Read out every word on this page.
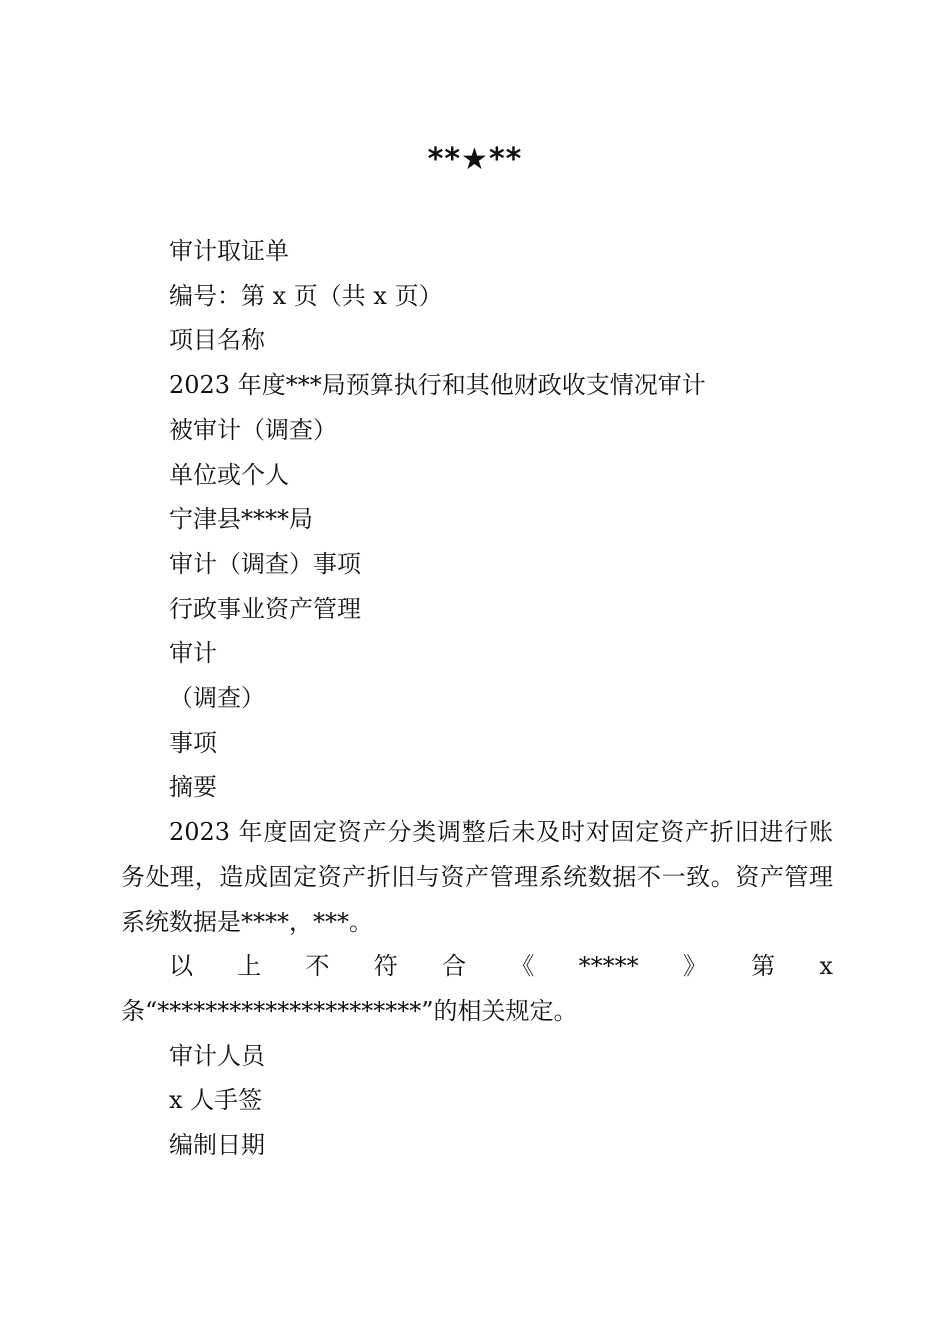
**★**
审计取证单
编号：第 x 页（共 x 页）
项目名称
2023 年度***局预算执行和其他财政收支情况审计
被审计（调查）
单位或个人
宁津县****局
审计（调查）事项
行政事业资产管理
审计
（调查）
事项
摘要
2023 年度固定资产分类调整后未及时对固定资产折旧进行账务处理，造成固定资产折旧与资产管理系统数据不一致。资产管理系统数据是****，***。
以 上 不 符 合 《 ***** 》 第 x
条“**********************”的相关规定。
审计人员
x 人手签
编制日期
